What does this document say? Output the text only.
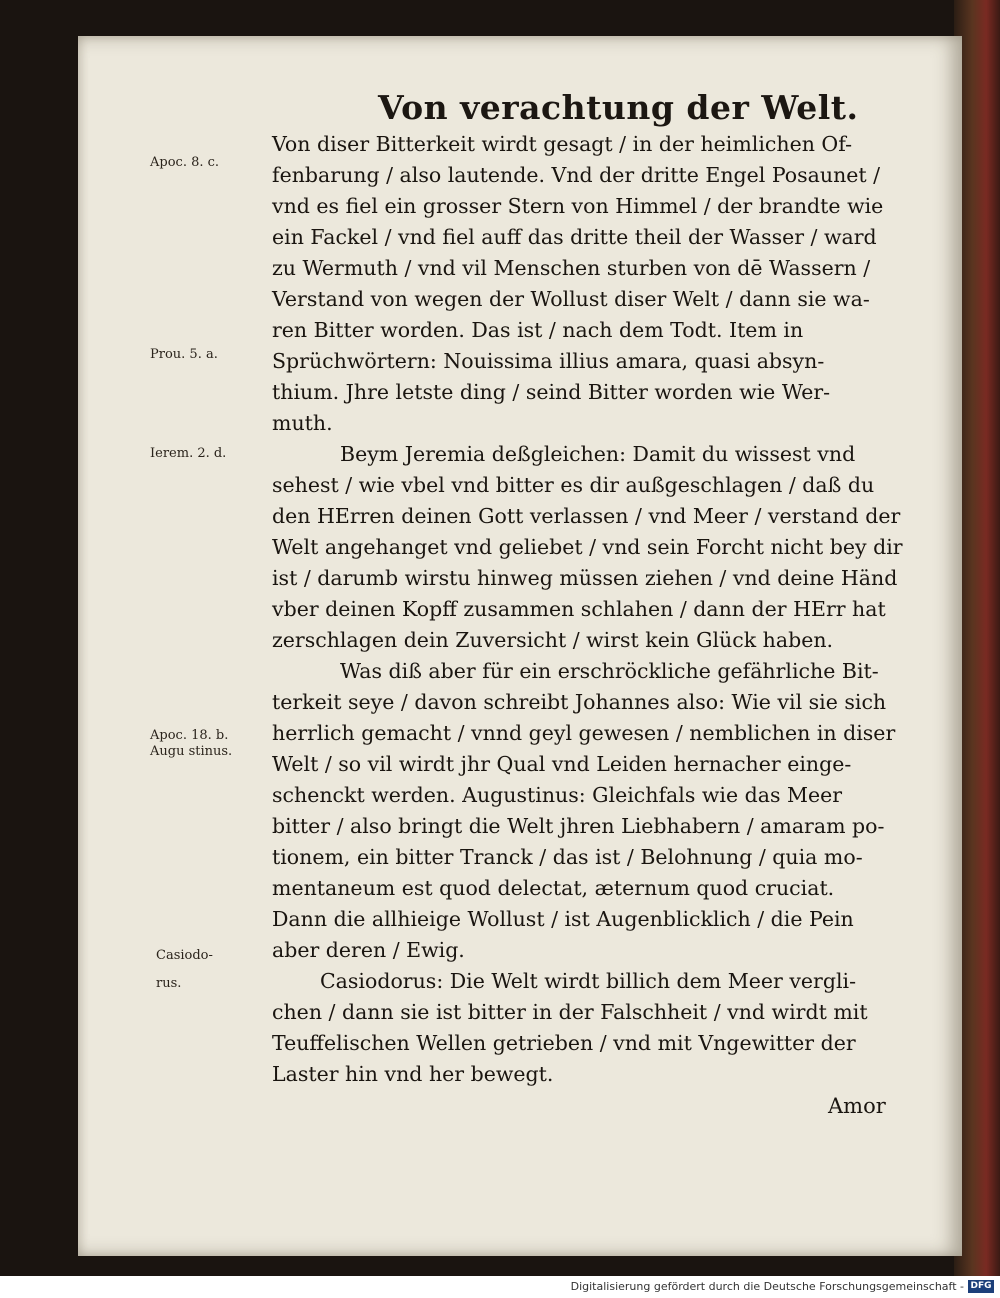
Von verachtung der Welt.
Apoc. 8. c.
Prou. 5. a.
Ierem. 2. d.
Apoc. 18. b.
Augu stinus.
Casiodo-
rus.
Von diser Bitterkeit wirdt gesagt / in der heimlichen Of-
fenbarung / also lautende. Vnd der dritte Engel Posaunet /
vnd es fiel ein grosser Stern von Himmel / der brandte wie
ein Fackel / vnd fiel auff das dritte theil der Wasser / ward
zu Wermuth / vnd vil Menschen sturben von dē Wassern /
Verstand von wegen der Wollust diser Welt / dann sie wa-
ren Bitter worden. Das ist / nach dem Todt. Item in
Sprüchwörtern: Nouissima illius amara, quasi absyn-
thium. Jhre letste ding / seind Bitter worden wie Wer-
muth.
Beym Jeremia deßgleichen: Damit du wissest vnd
sehest / wie vbel vnd bitter es dir außgeschlagen / daß du
den HErren deinen Gott verlassen / vnd Meer / verstand der
Welt angehanget vnd geliebet / vnd sein Forcht nicht bey dir
ist / darumb wirstu hinweg müssen ziehen / vnd deine Händ
vber deinen Kopff zusammen schlahen / dann der HErr hat
zerschlagen dein Zuversicht / wirst kein Glück haben.
Was diß aber für ein erschröckliche gefährliche Bit-
terkeit seye / davon schreibt Johannes also: Wie vil sie sich
herrlich gemacht / vnnd geyl gewesen / nemblichen in diser
Welt / so vil wirdt jhr Qual vnd Leiden hernacher einge-
schenckt werden. Augustinus: Gleichfals wie das Meer
bitter / also bringt die Welt jhren Liebhabern / amaram po-
tionem, ein bitter Tranck / das ist / Belohnung / quia mo-
mentaneum est quod delectat, æternum quod cruciat.
Dann die allhieige Wollust / ist Augenblicklich / die Pein
aber deren / Ewig.
Casiodorus: Die Welt wirdt billich dem Meer vergli-
chen / dann sie ist bitter in der Falschheit / vnd wirdt mit
Teuffelischen Wellen getrieben / vnd mit Vngewitter der
Laster hin vnd her bewegt.
Amor
Digitalisierung gefördert durch die Deutsche Forschungsgemeinschaft - DFG
